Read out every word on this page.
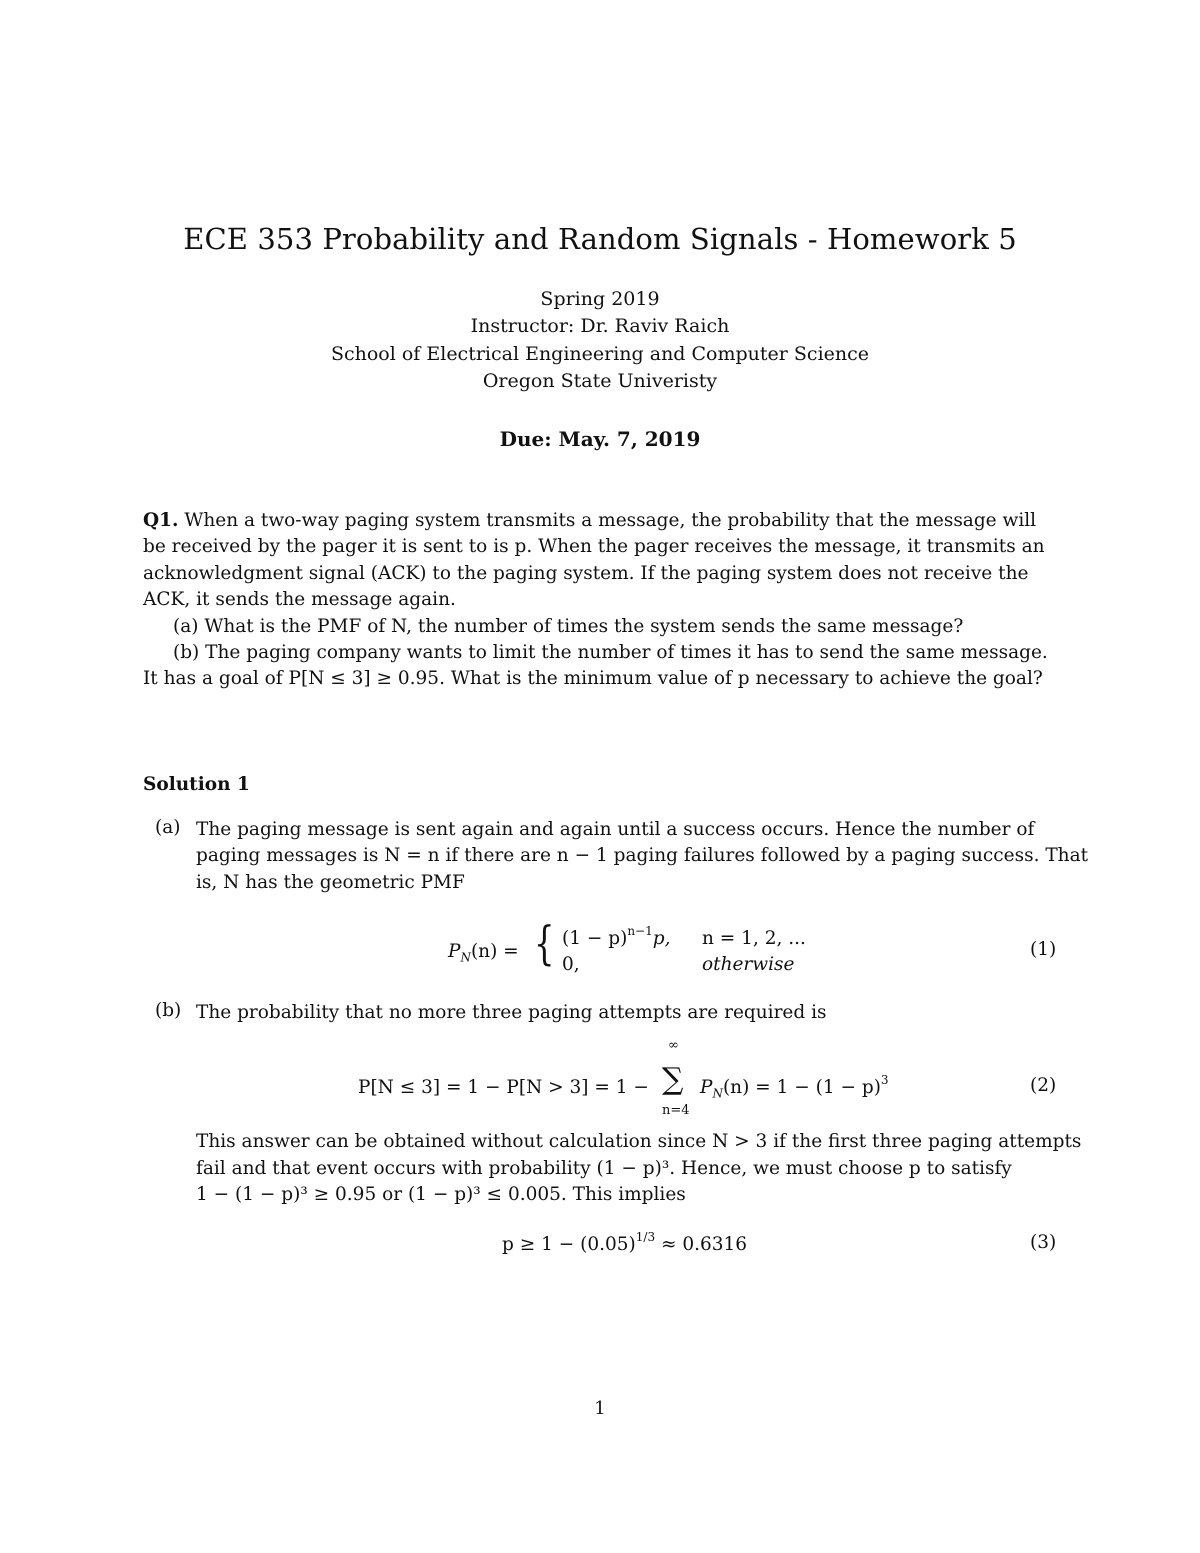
ECE 353 Probability and Random Signals - Homework 5
Spring 2019
Instructor: Dr. Raviv Raich
School of Electrical Engineering and Computer Science
Oregon State Univeristy
Due: May. 7, 2019
Q1. When a two-way paging system transmits a message, the probability that the message will
be received by the pager it is sent to is p. When the pager receives the message, it transmits an
acknowledgment signal (ACK) to the paging system. If the paging system does not receive the
ACK, it sends the message again.
(a) What is the PMF of N, the number of times the system sends the same message?
(b) The paging company wants to limit the number of times it has to send the same message.
It has a goal of P[N ≤ 3] ≥ 0.95. What is the minimum value of p necessary to achieve the goal?
Solution 1
(a) The paging message is sent again and again until a success occurs. Hence the number of
paging messages is N = n if there are n − 1 paging failures followed by a paging success. That
is, N has the geometric PMF
$P_N(n)$ = { $(1 - p)^{n-1}p$, n = 1, 2, ...
0,	otherwise
(1)
(b) The probability that no more three paging attempts are required is
P[N ≤ 3] = 1 − P[N > 3] = 1 −
∞
∑
n=4
$P_N(n) = 1 - (1 - p)^3$	(2)
This answer can be obtained without calculation since N > 3 if the first three paging attempts
fail and that event occurs with probability (1 − p)³. Hence, we must choose p to satisfy
1 − (1 − p)³ ≥ 0.95 or (1 − p)³ ≤ 0.005. This implies
$p \ge 1 - (0.05)^{1/3} \approx 0.6316$	(3)
1
